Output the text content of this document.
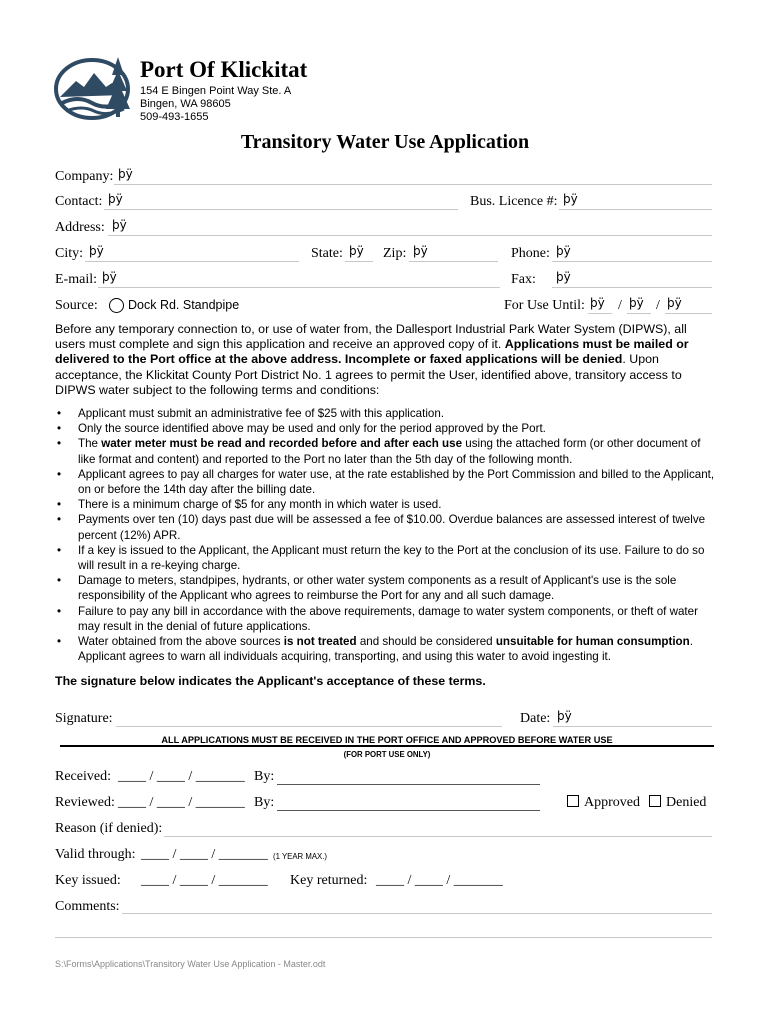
Port Of Klickitat
154 E Bingen Point Way Ste. A
Bingen, WA 98605
509-493-1655
Transitory Water Use Application
Company: þÿ
Contact: þÿ	Bus. Licence #: þÿ
Address: þÿ
City: þÿ	State: þÿ Zip: þÿ	Phone: þÿ
E-mail: þÿ	Fax: þÿ
Source: Dock Rd. Standpipe	For Use Until: þÿ / þÿ / þÿ
Before any temporary connection to, or use of water from, the Dallesport Industrial Park Water System (DIPWS), all users must complete and sign this application and receive an approved copy of it. Applications must be mailed or delivered to the Port office at the above address. Incomplete or faxed applications will be denied. Upon acceptance, the Klickitat County Port District No. 1 agrees to permit the User, identified above, transitory access to DIPWS water subject to the following terms and conditions:
• Applicant must submit an administrative fee of $25 with this application.
• Only the source identified above may be used and only for the period approved by the Port.
• The water meter must be read and recorded before and after each use using the attached form (or other document of like format and content) and reported to the Port no later than the 5th day of the following month.
• Applicant agrees to pay all charges for water use, at the rate established by the Port Commission and billed to the Applicant, on or before the 14th day after the billing date.
• There is a minimum charge of $5 for any month in which water is used.
• Payments over ten (10) days past due will be assessed a fee of $10.00. Overdue balances are assessed interest of twelve percent (12%) APR.
• If a key is issued to the Applicant, the Applicant must return the key to the Port at the conclusion of its use. Failure to do so will result in a re-keying charge.
• Damage to meters, standpipes, hydrants, or other water system components as a result of Applicant's use is the sole responsibility of the Applicant who agrees to reimburse the Port for any and all such damage.
• Failure to pay any bill in accordance with the above requirements, damage to water system components, or theft of water may result in the denial of future applications.
• Water obtained from the above sources is not treated and should be considered unsuitable for human consumption. Applicant agrees to warn all individuals acquiring, transporting, and using this water to avoid ingesting it.
The signature below indicates the Applicant's acceptance of these terms.
Signature:	Date: þÿ
ALL APPLICATIONS MUST BE RECEIVED IN THE PORT OFFICE AND APPROVED BEFORE WATER USE
(FOR PORT USE ONLY)
Received: ____ / ____ / _______ By:
Reviewed: ____ / ____ / _______ By:	Approved	Denied
Reason (if denied):
Valid through: ____ / ____ / _______ (1 YEAR MAX.)
Key issued: ____ / ____ / _______ Key returned: ____ / ____ / _______
Comments:
S:\Forms\Applications\Transitory Water Use Application - Master.odt
